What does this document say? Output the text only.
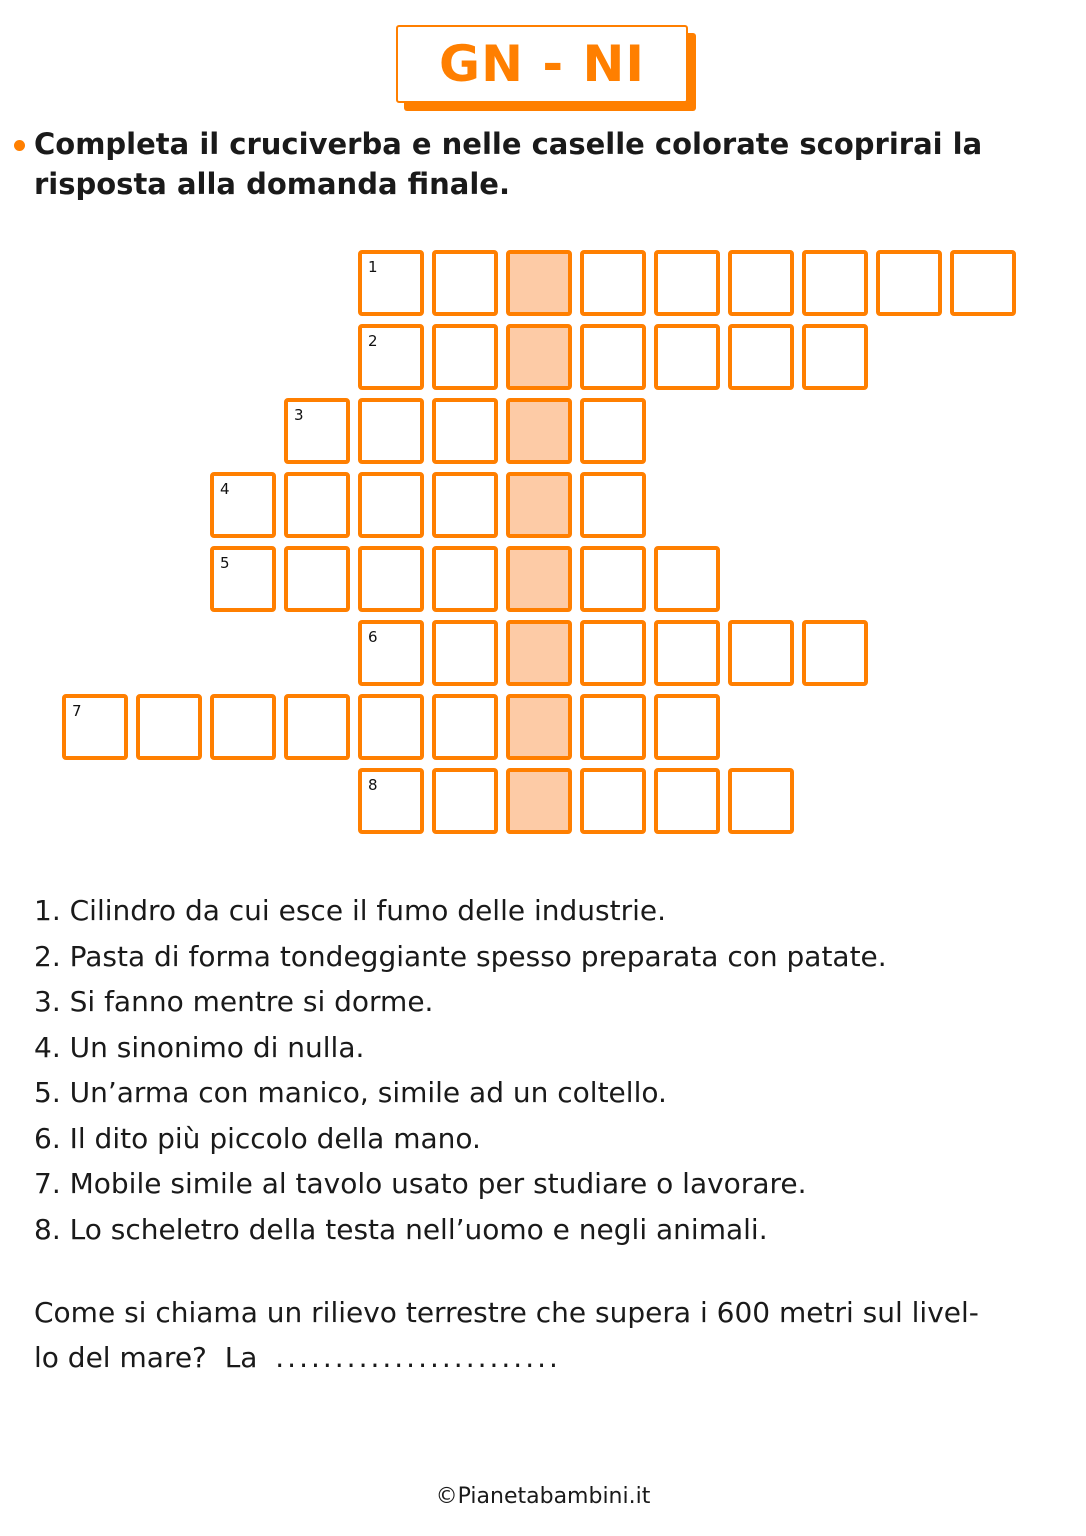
GN - NI
Completa il cruciverba e nelle caselle colorate scoprirai la risposta alla domanda finale.
1
2
3
4
5
6
7
8
1. Cilindro da cui esce il fumo delle industrie.
2. Pasta di forma tondeggiante spesso preparata con patate.
3. Si fanno mentre si dorme.
4. Un sinonimo di nulla.
5. Un’arma con manico, simile ad un coltello.
6. Il dito più piccolo della mano.
7. Mobile simile al tavolo usato per studiare o lavorare.
8. Lo scheletro della testa nell’uomo e negli animali.
Come si chiama un rilievo terrestre che supera i 600 metri sul livel-
lo del mare?  La ........................
©Pianetabambini.it
